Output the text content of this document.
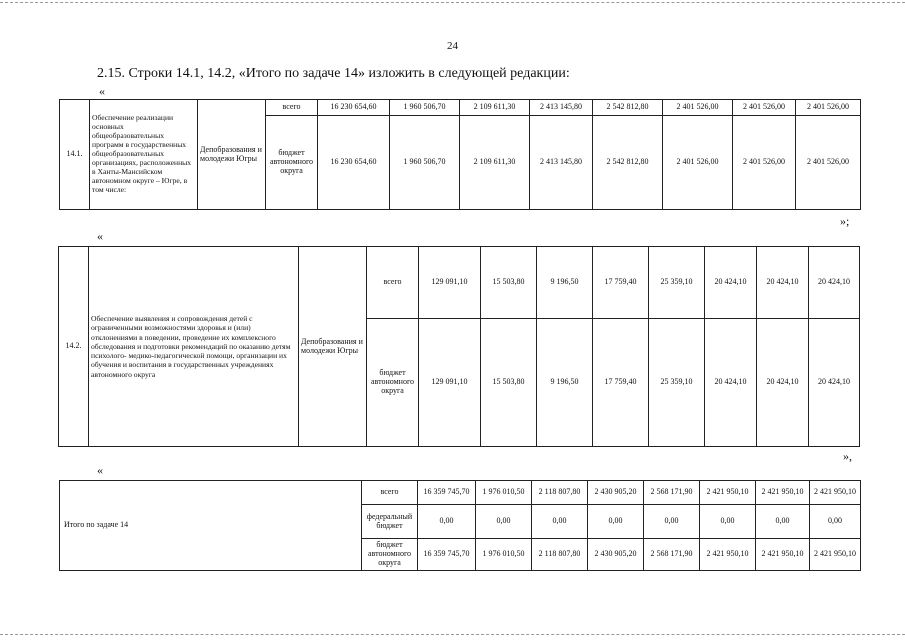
24
2.15. Строки 14.1, 14.2, «Итого по задаче 14» изложить в следующей редакции:
«
14.1.	Обеспечение реализации основных общеобразовательных программ в государственных общеобразовательных организациях, расположенных в Ханты-Мансийском автономном округе – Югре, в том числе:	Депобразования и молодежи Югры	всего	16 230 654,60	1 960 506,70	2 109 611,30	2 413 145,80	2 542 812,80	2 401 526,00	2 401 526,00	2 401 526,00
			бюджет автономного округа	16 230 654,60	1 960 506,70	2 109 611,30	2 413 145,80	2 542 812,80	2 401 526,00	2 401 526,00	2 401 526,00
»;
«
14.2.	Обеспечение выявления и сопровождения детей с ограниченными возможностями здоровья и (или) отклонениями в поведении, проведение их комплексного обследования и подготовки рекомендаций по оказанию детям психолого- медико-педагогической помощи, организации их обучения и воспитания в государственных учреждениях автономного округа	Депобразования и молодежи Югры	всего	129 091,10	15 503,80	9 196,50	17 759,40	25 359,10	20 424,10	20 424,10	20 424,10
			бюджет автономного округа	129 091,10	15 503,80	9 196,50	17 759,40	25 359,10	20 424,10	20 424,10	20 424,10
»,
«
Итого по задаче 14	всего	16 359 745,70	1 976 010,50	2 118 807,80	2 430 905,20	2 568 171,90	2 421 950,10	2 421 950,10	2 421 950,10
	федеральный бюджет	0,00	0,00	0,00	0,00	0,00	0,00	0,00	0,00
	бюджет автономного округа	16 359 745,70	1 976 010,50	2 118 807,80	2 430 905,20	2 568 171,90	2 421 950,10	2 421 950,10	2 421 950,10
